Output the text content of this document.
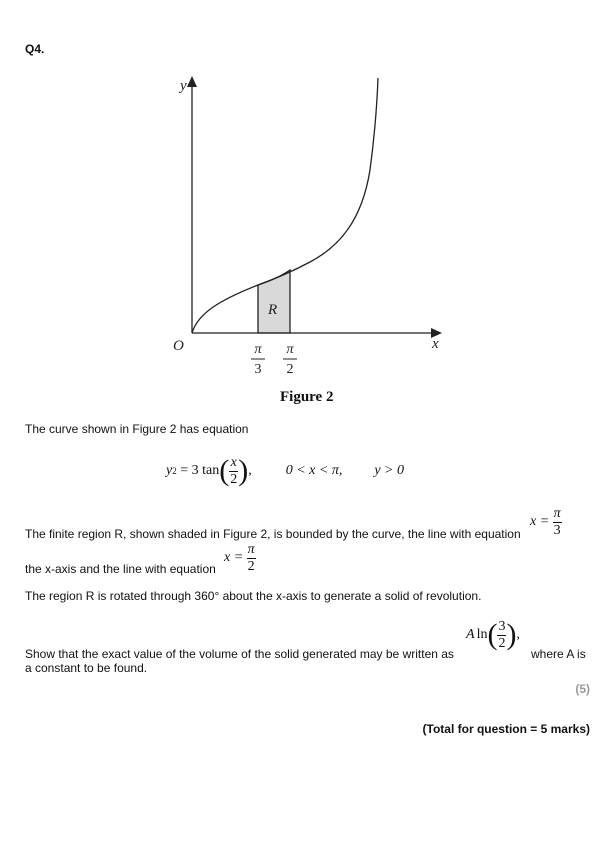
Q4.
y
x
O
R
π
3
π
2
Figure 2
The curve shown in Figure 2 has equation
y 2 = 3 tan ( $\frac{x}{2}$ ) , 0 < x < π, y > 0
The finite region R, shown shaded in Figure 2, is bounded by the curve, the line with equation
$x = \frac{\pi}{3}$
the x-axis and the line with equation
$x = \frac{\pi}{2}$
The region R is rotated through 360° about the x-axis to generate a solid of revolution.
Show that the exact value of the volume of the solid generated may be written as
A ln ( $\frac{3}{2}$ ) ,
where A is
a constant to be found.
(5)
(Total for question = 5 marks)
